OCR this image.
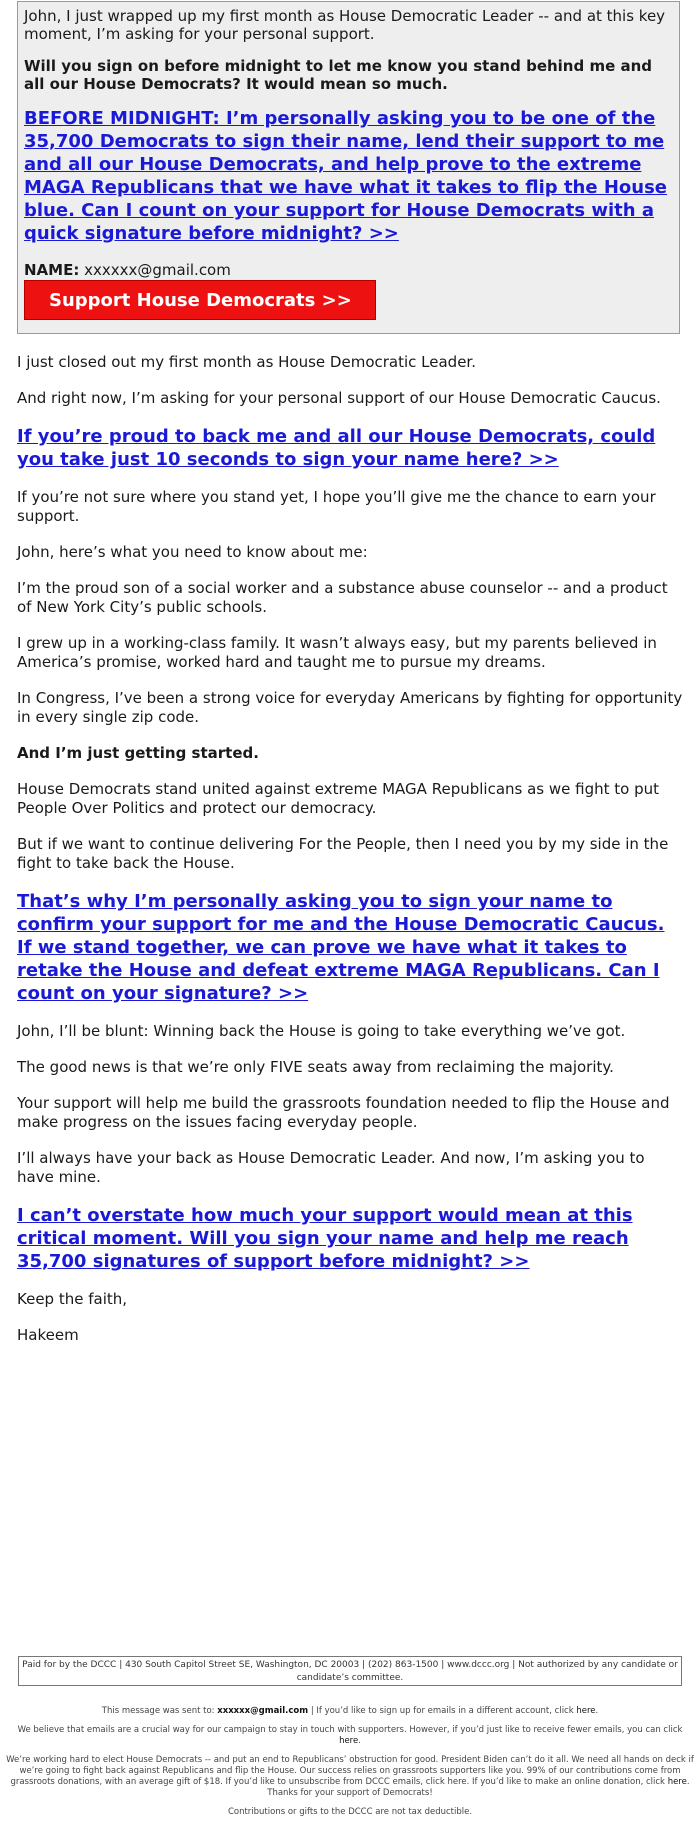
John, I just wrapped up my first month as House Democratic Leader -- and at this key moment, I’m asking for your personal support.

Will you sign on before midnight to let me know you stand behind me and all our House Democrats? It would mean so much.

BEFORE MIDNIGHT: I’m personally asking you to be one of the 35,700 Democrats to sign their name, lend their support to me and all our House Democrats, and help prove to the extreme MAGA Republicans that we have what it takes to flip the House blue. Can I count on your support for House Democrats with a quick signature before midnight? >>
NAME: xxxxxx@gmail.com
Support House Democrats >>

I just closed out my first month as House Democratic Leader.

And right now, I’m asking for your personal support of our House Democratic Caucus.

If you’re proud to back me and all our House Democrats, could you take just 10 seconds to sign your name here? >>

If you’re not sure where you stand yet, I hope you’ll give me the chance to earn your support.

John, here’s what you need to know about me:

I’m the proud son of a social worker and a substance abuse counselor -- and a product of New York City’s public schools.

I grew up in a working-class family. It wasn’t always easy, but my parents believed in America’s promise, worked hard and taught me to pursue my dreams.

In Congress, I’ve been a strong voice for everyday Americans by fighting for opportunity in every single zip code.

And I’m just getting started.

House Democrats stand united against extreme MAGA Republicans as we fight to put People Over Politics and protect our democracy.

But if we want to continue delivering For the People, then I need you by my side in the fight to take back the House.

That’s why I’m personally asking you to sign your name to confirm your support for me and the House Democratic Caucus. If we stand together, we can prove we have what it takes to retake the House and defeat extreme MAGA Republicans. Can I count on your signature? >>

John, I’ll be blunt: Winning back the House is going to take everything we’ve got.

The good news is that we’re only FIVE seats away from reclaiming the majority.

Your support will help me build the grassroots foundation needed to flip the House and make progress on the issues facing everyday people.

I’ll always have your back as House Democratic Leader. And now, I’m asking you to have mine.

I can’t overstate how much your support would mean at this critical moment. Will you sign your name and help me reach 35,700 signatures of support before midnight? >>

Keep the faith,

Hakeem

Paid for by the DCCC | 430 South Capitol Street SE, Washington, DC 20003 | (202) 863-1500 | www.dccc.org | Not authorized by any candidate or candidate’s committee.

This message was sent to: xxxxxx@gmail.com | If you’d like to sign up for emails in a different account, click here.

We believe that emails are a crucial way for our campaign to stay in touch with supporters. However, if you’d just like to receive fewer emails, you can click here.

We’re working hard to elect House Democrats -- and put an end to Republicans’ obstruction for good. President Biden can’t do it all. We need all hands on deck if we’re going to fight back against Republicans and flip the House. Our success relies on grassroots supporters like you. 99% of our contributions come from grassroots donations, with an average gift of $18. If you’d like to unsubscribe from DCCC emails, click here. If you’d like to make an online donation, click here. Thanks for your support of Democrats!

Contributions or gifts to the DCCC are not tax deductible.
